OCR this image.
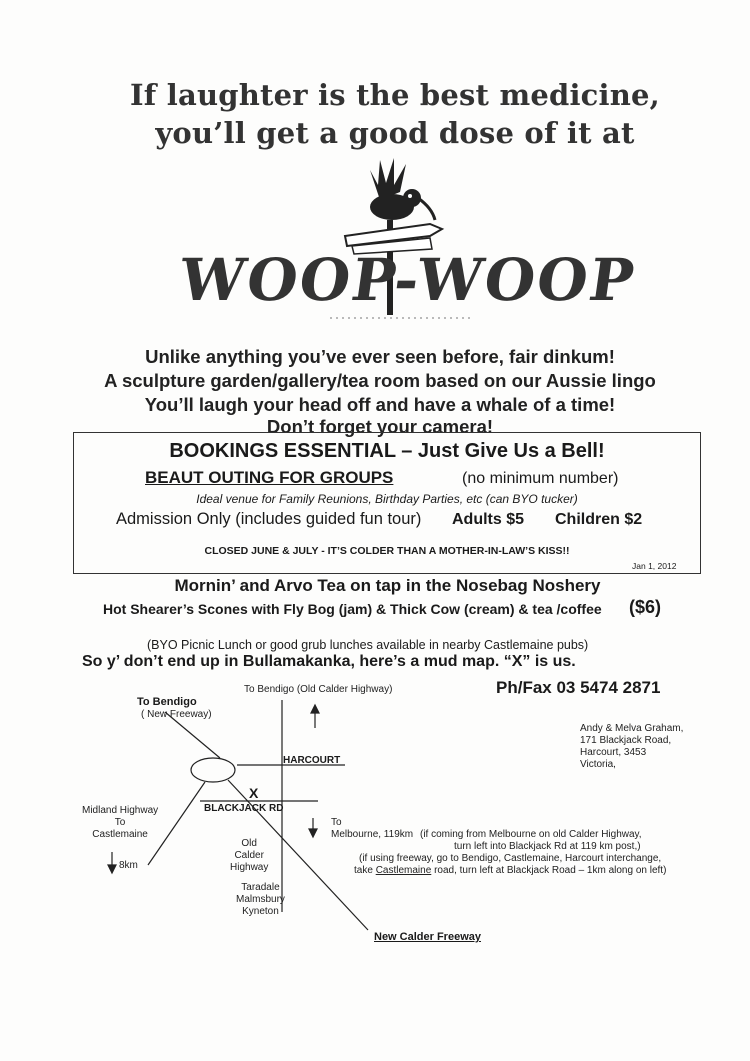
If laughter is the best medicine,
you’ll get a good dose of it at
WOOP-WOOP
Unlike anything you’ve ever seen before, fair dinkum!
A sculpture garden/gallery/tea room based on our Aussie lingo
You’ll laugh your head off and have a whale of a time!
Don’t forget your camera!
BOOKINGS ESSENTIAL – Just Give Us a Bell!
BEAUT OUTING FOR GROUPS	(no minimum number)
Ideal venue for Family Reunions, Birthday Parties, etc (can BYO tucker)
Admission Only (includes guided fun tour) Adults $5 Children $2
CLOSED JUNE & JULY - IT’S COLDER THAN A MOTHER-IN-LAW’S KISS!!
Jan 1, 2012
Mornin’ and Arvo Tea on tap in the Nosebag Noshery
Hot Shearer’s Scones with Fly Bog (jam) & Thick Cow (cream) & tea /coffee ($6)
(BYO Picnic Lunch or good grub lunches available in nearby Castlemaine pubs)
So y’ don’t end up in Bullamakanka, here’s a mud map. “X” is us.
Ph/Fax 03 5474 2871
Andy & Melva Graham,
171 Blackjack Road,
Harcourt, 3453
Victoria,
To Bendigo
( New Freeway)
To Bendigo (Old Calder Highway)
HARCOURT
X
BLACKJACK RD
Midland Highway
To
Castlemaine
8km
Old
Calder
Highway
Taradale
Malmsbury
Kyneton
To
Melbourne, 119km (if coming from Melbourne on old Calder Highway,
turn left into Blackjack Rd at 119 km post,)
(if using freeway, go to Bendigo, Castlemaine, Harcourt interchange,
take Castlemaine road, turn left at Blackjack Road – 1km along on left)
New Calder Freeway
